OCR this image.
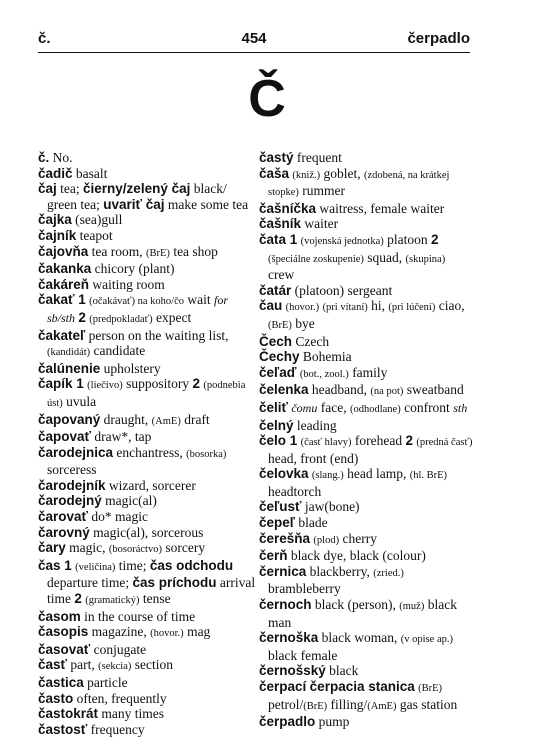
č.	454	čerpadlo
Č

č. No.

čadič basalt

čaj tea; čierny/zelený čaj black/ green tea; uvariť čaj make some tea

čajka (sea)gull

čajník teapot

čajovňa tea room, (BrE) tea shop

čakanka chicory (plant)

čakáreň waiting room

čakať 1 (očakávať) na koho/čo wait for sb/sth 2 (predpokladať) expect

čakateľ person on the waiting list, (kandidát) candidate

čalúnenie upholstery

čapík 1 (liečivo) suppository 2 (podnebia úst) uvula

čapovaný draught, (AmE) draft

čapovať draw*, tap

čarodejnica enchantress, (bosorka) sorceress

čarodejník wizard, sorcerer

čarodejný magic(al)

čarovať do* magic

čarovný magic(al), sorcerous

čary magic, (bosoráctvo) sorcery

čas 1 (veličina) time; čas odchodu departure time; čas príchodu arrival time 2 (gramatický) tense

časom in the course of time

časopis magazine, (hovor.) mag

časovať conjugate

časť part, (sekcia) section

častica particle

často often, frequently

častokrát many times

častosť frequency

častý frequent

čaša (kniž.) goblet, (zdobená, na krátkej stopke) rummer

čašníčka waitress, female waiter

čašník waiter

čata 1 (vojenská jednotka) platoon 2 (špeciálne zoskupenie) squad, (skupina) crew

čatár (platoon) sergeant

čau (hovor.) (pri vítaní) hi, (pri lúčení) ciao, (BrE) bye

Čech Czech

Čechy Bohemia

čeľaď (bot., zool.) family

čelenka headband, (na pot) sweatband

čeliť čomu face, (odhodlane) confront sth

čelný leading

čelo 1 (časť hlavy) forehead 2 (predná časť) head, front (end)

čelovka (slang.) head lamp, (hl. BrE) headtorch

čeľusť jaw(bone)

čepeľ blade

čerešňa (plod) cherry

čerň black dye, black (colour)

černica blackberry, (zried.) brambleberry

černoch black (person), (muž) black man

černoška black woman, (v opise ap.) black female

černošský black

čerpací čerpacia stanica (BrE) petrol/(BrE) filling/(AmE) gas station

čerpadlo pump
